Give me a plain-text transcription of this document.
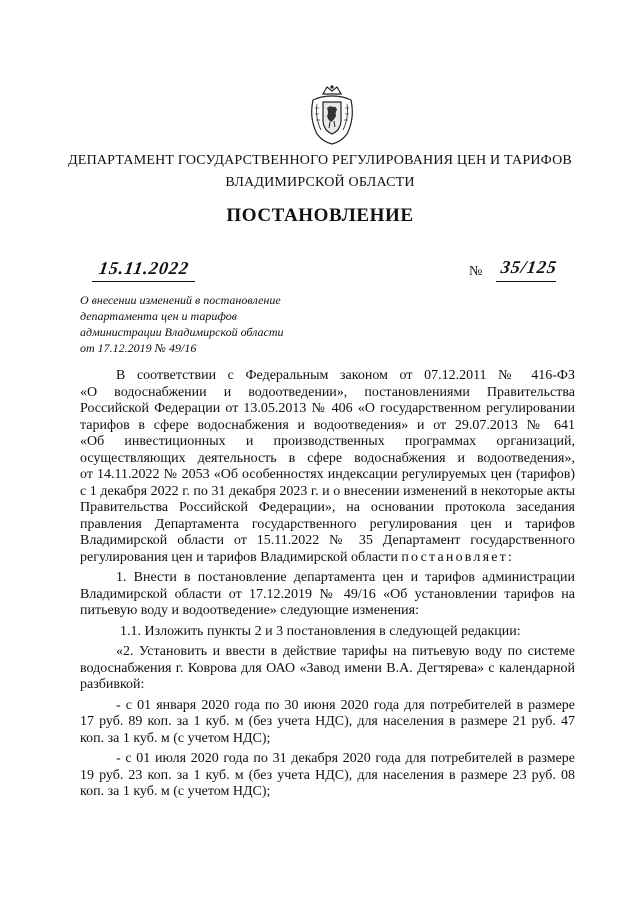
ДЕПАРТАМЕНТ ГОСУДАРСТВЕННОГО РЕГУЛИРОВАНИЯ ЦЕН И ТАРИФОВ
ВЛАДИМИРСКОЙ ОБЛАСТИ
ПОСТАНОВЛЕНИЕ
15.11.2022	№ 35/125
О внесении изменений в постановление
департамента цен и тарифов
администрации Владимирской области
от 17.12.2019 № 49/16
В соответствии с Федеральным законом от 07.12.2011 № 416-ФЗ
«О водоснабжении и водоотведении», постановлениями Правительства
Российской Федерации от 13.05.2013 № 406 «О государственном регулировании
тарифов в сфере водоснабжения и водоотведения» и от 29.07.2013 № 641
«Об инвестиционных и производственных программах организаций,
осуществляющих деятельность в сфере водоснабжения и водоотведения»,
от 14.11.2022 № 2053 «Об особенностях индексации регулируемых цен (тарифов)
с 1 декабря 2022 г. по 31 декабря 2023 г. и о внесении изменений в некоторые акты
Правительства Российской Федерации», на основании протокола заседания
правления Департамента государственного регулирования цен и тарифов
Владимирской области от 15.11.2022 № 35 Департамент государственного
регулирования цен и тарифов Владимирской области постановляет:
1. Внести в постановление департамента цен и тарифов администрации
Владимирской области от 17.12.2019 № 49/16 «Об установлении тарифов на
питьевую воду и водоотведение» следующие изменения:
1.1. Изложить пункты 2 и 3 постановления в следующей редакции:
«2. Установить и ввести в действие тарифы на питьевую воду по системе
водоснабжения г. Коврова для ОАО «Завод имени В.А. Дегтярева» с календарной
разбивкой:
- с 01 января 2020 года по 30 июня 2020 года для потребителей в размере
17 руб. 89 коп. за 1 куб. м (без учета НДС), для населения в размере 21 руб. 47
коп. за 1 куб. м (с учетом НДС);
- с 01 июля 2020 года по 31 декабря 2020 года для потребителей в размере
19 руб. 23 коп. за 1 куб. м (без учета НДС), для населения в размере 23 руб. 08
коп. за 1 куб. м (с учетом НДС);
